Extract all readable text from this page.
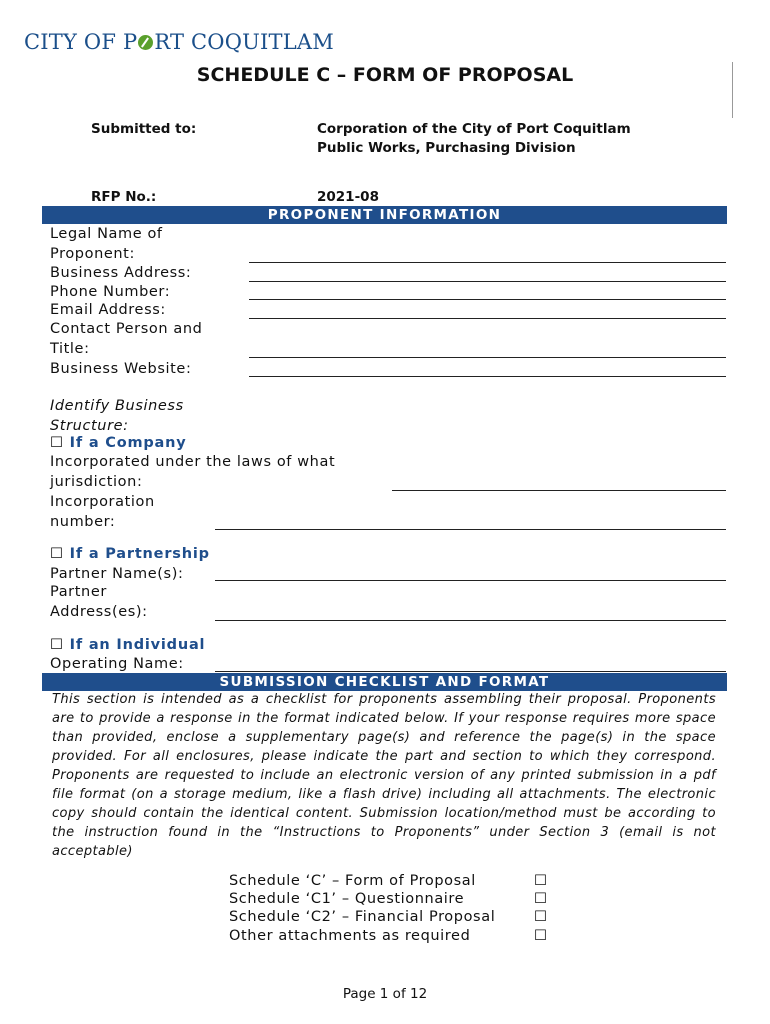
CITY OF P RT COQUITLAM
SCHEDULE C – FORM OF PROPOSAL
Submitted to:	Corporation of the City of Port Coquitlam
Public Works, Purchasing Division
RFP No.:	2021-08
PROPONENT INFORMATION
Legal Name of
Proponent:
Business Address:
Phone Number:
Email Address:
Contact Person and
Title:
Business Website:
Identify Business
Structure:
☐ If a Company
Incorporated under the laws of what
jurisdiction:
Incorporation
number:
☐ If a Partnership
Partner Name(s):
Partner
Address(es):
☐ If an Individual
Operating Name:
SUBMISSION CHECKLIST AND FORMAT
This section is intended as a checklist for proponents assembling their proposal. Proponents are to provide a response in the format indicated below. If your response requires more space than provided, enclose a supplementary page(s) and reference the page(s) in the space provided. For all enclosures, please indicate the part and section to which they correspond. Proponents are requested to include an electronic version of any printed submission in a pdf file format (on a storage medium, like a flash drive) including all attachments. The electronic copy should contain the identical content. Submission location/method must be according to the instruction found in the “Instructions to Proponents” under Section 3 (email is not acceptable)
Schedule ‘C’ – Form of Proposal	☐
Schedule ‘C1’ – Questionnaire	☐
Schedule ‘C2’ – Financial Proposal	☐
Other attachments as required	☐
Page 1 of 12
